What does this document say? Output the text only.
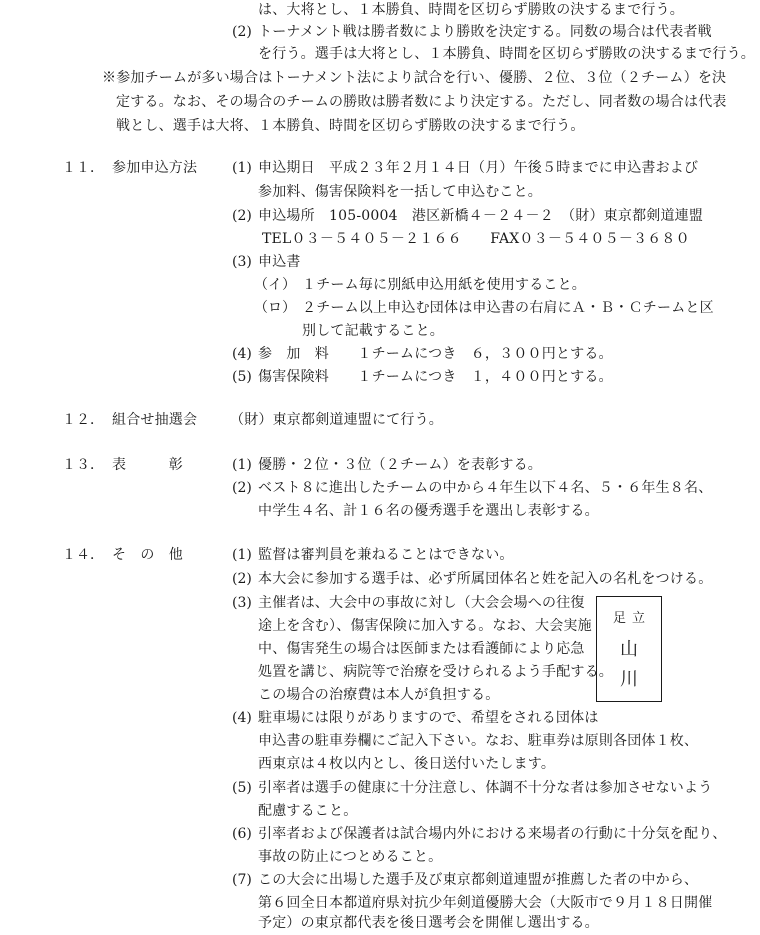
は、大将とし、１本勝負、時間を区切らず勝敗の決するまで行う。
(2) トーナメント戦は勝者数により勝敗を決定する。同数の場合は代表者戦
を行う。選手は大将とし、１本勝負、時間を区切らず勝敗の決するまで行う。
※参加チームが多い場合はトーナメント法により試合を行い、優勝、２位、３位（２チーム）を決
定する。なお、その場合のチームの勝敗は勝者数により決定する。ただし、同者数の場合は代表
戦とし、選手は大将、１本勝負、時間を区切らず勝敗の決するまで行う。
１１． 参加申込方法 (1) 申込期日　平成２３年２月１４日（月）午後５時までに申込書および
参加料、傷害保険料を一括して申込むこと。
(2) 申込場所　105-0004　港区新橋４－２４－２　（財）東京都剣道連盟
TEL０３－５４０５－２１６６　　FAX０３－５４０５－３６８０
(3) 申込書
（イ） １チーム毎に別紙申込用紙を使用すること。
（ロ） ２チーム以上申込む団体は申込書の右肩にＡ・Ｂ・Ｃチームと区
別して記載すること。
(4) 参　加　料　　１チームにつき　６，３００円とする。
(5) 傷害保険料　　１チームにつき　１，４００円とする。
１２． 組合せ抽選会 （財）東京都剣道連盟にて行う。
１３． 表　　　彰	(1) 優勝・２位・３位（２チーム）を表彰する。
(2) ベスト８に進出したチームの中から４年生以下４名、５・６年生８名、
中学生４名、計１６名の優秀選手を選出し表彰する。
１４． そ　の　他	(1) 監督は審判員を兼ねることはできない。
(2) 本大会に参加する選手は、必ず所属団体名と姓を記入の名札をつける。
(3) 主催者は、大会中の事故に対し（大会会場への往復
途上を含む）、傷害保険に加入する。なお、大会実施
中、傷害発生の場合は医師または看護師により応急
処置を講じ、病院等で治療を受けられるよう手配する。
この場合の治療費は本人が負担する。
(4) 駐車場には限りがありますので、希望をされる団体は
申込書の駐車券欄にご記入下さい。なお、駐車券は原則各団体１枚、
西東京は４枚以内とし、後日送付いたします。
(5) 引率者は選手の健康に十分注意し、体調不十分な者は参加させないよう
配慮すること。
(6) 引率者および保護者は試合場内外における来場者の行動に十分気を配り、
事故の防止につとめること。
(7) この大会に出場した選手及び東京都剣道連盟が推薦した者の中から、
第６回全日本都道府県対抗少年剣道優勝大会（大阪市で９月１８日開催
予定）の東京都代表を後日選考会を開催し選出する。
足立
山
川
